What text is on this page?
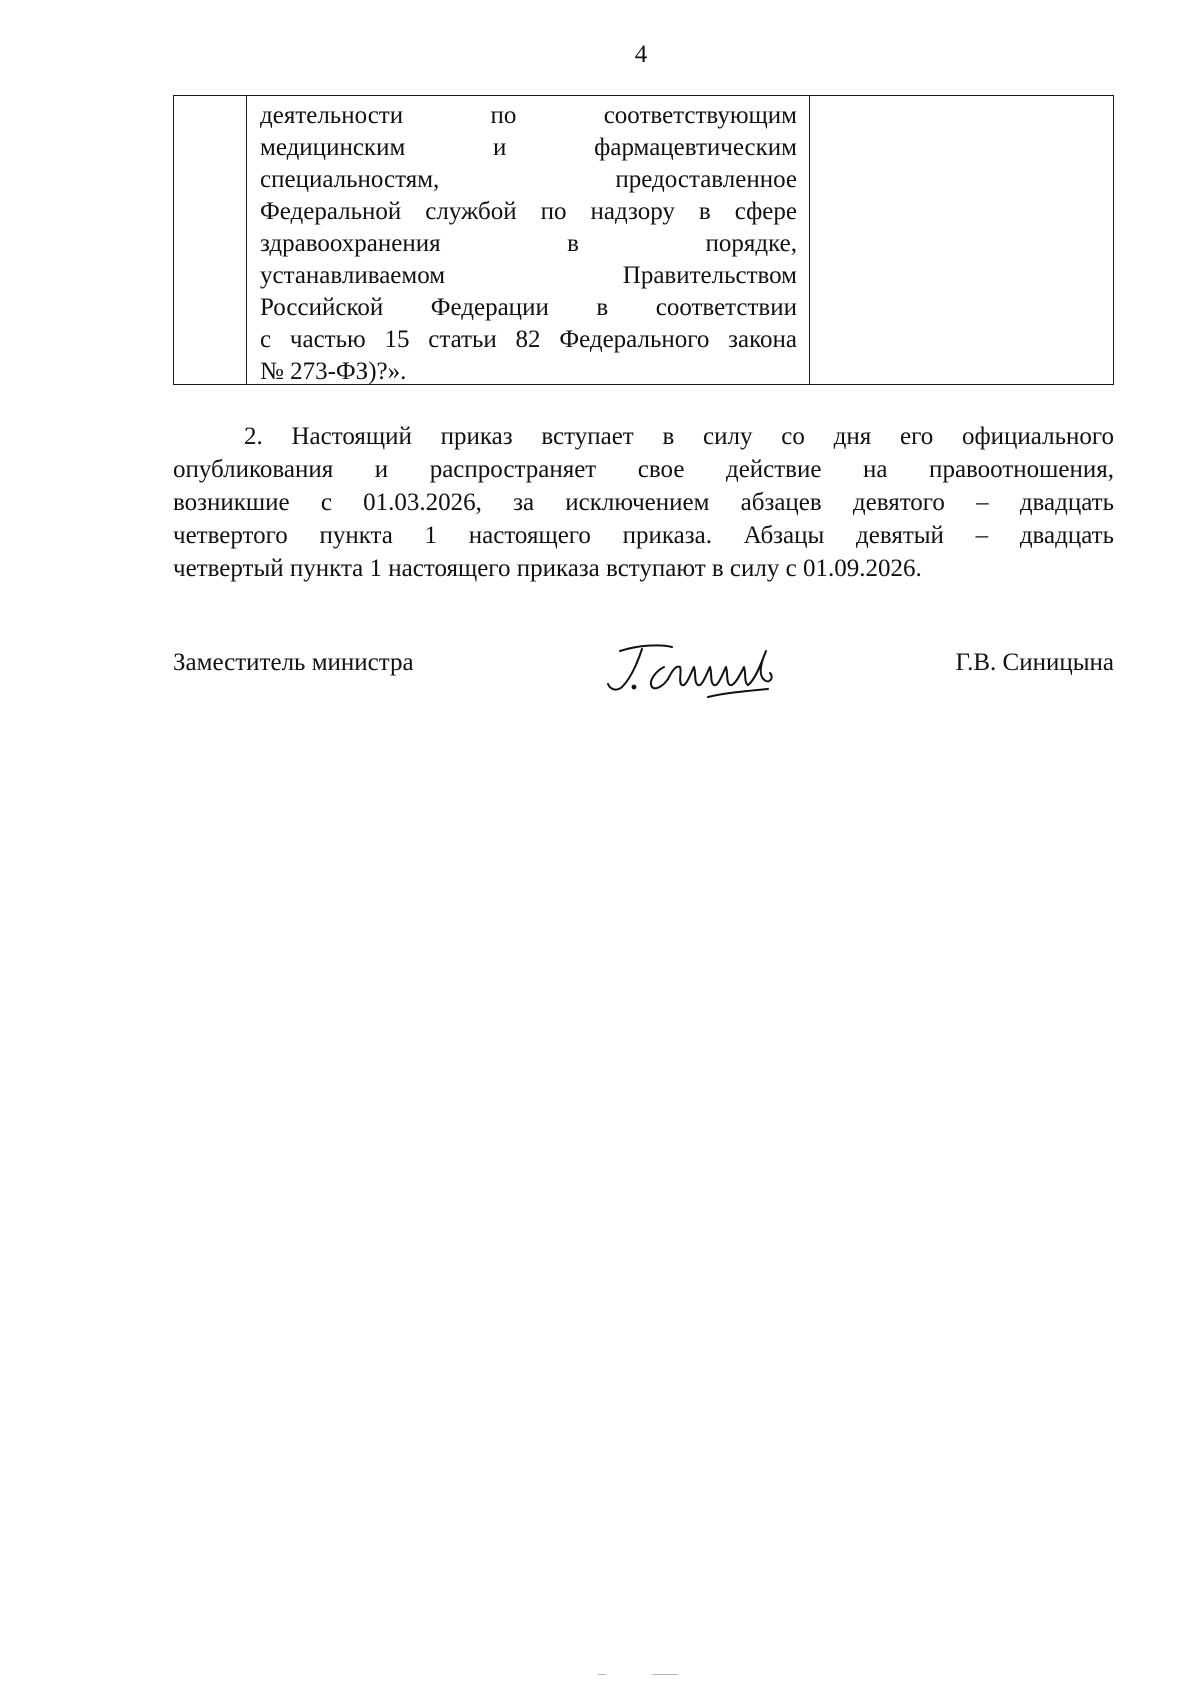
4
деятельности по соответствующим
медицинским и фармацевтическим
специальностям, предоставленное
Федеральной службой по надзору в сфере
здравоохранения в порядке,
устанавливаемом Правительством
Российской Федерации в соответствии
с частью 15 статьи 82 Федерального закона
№ 273-ФЗ)?».
2. Настоящий приказ вступает в силу со дня его официального
опубликования и распространяет свое действие на правоотношения,
возникшие с 01.03.2026, за исключением абзацев девятого – двадцать
четвертого пункта 1 настоящего приказа. Абзацы девятый – двадцать
четвертый пункта 1 настоящего приказа вступают в силу с 01.09.2026.
Заместитель министра	Г.В. Синицына
